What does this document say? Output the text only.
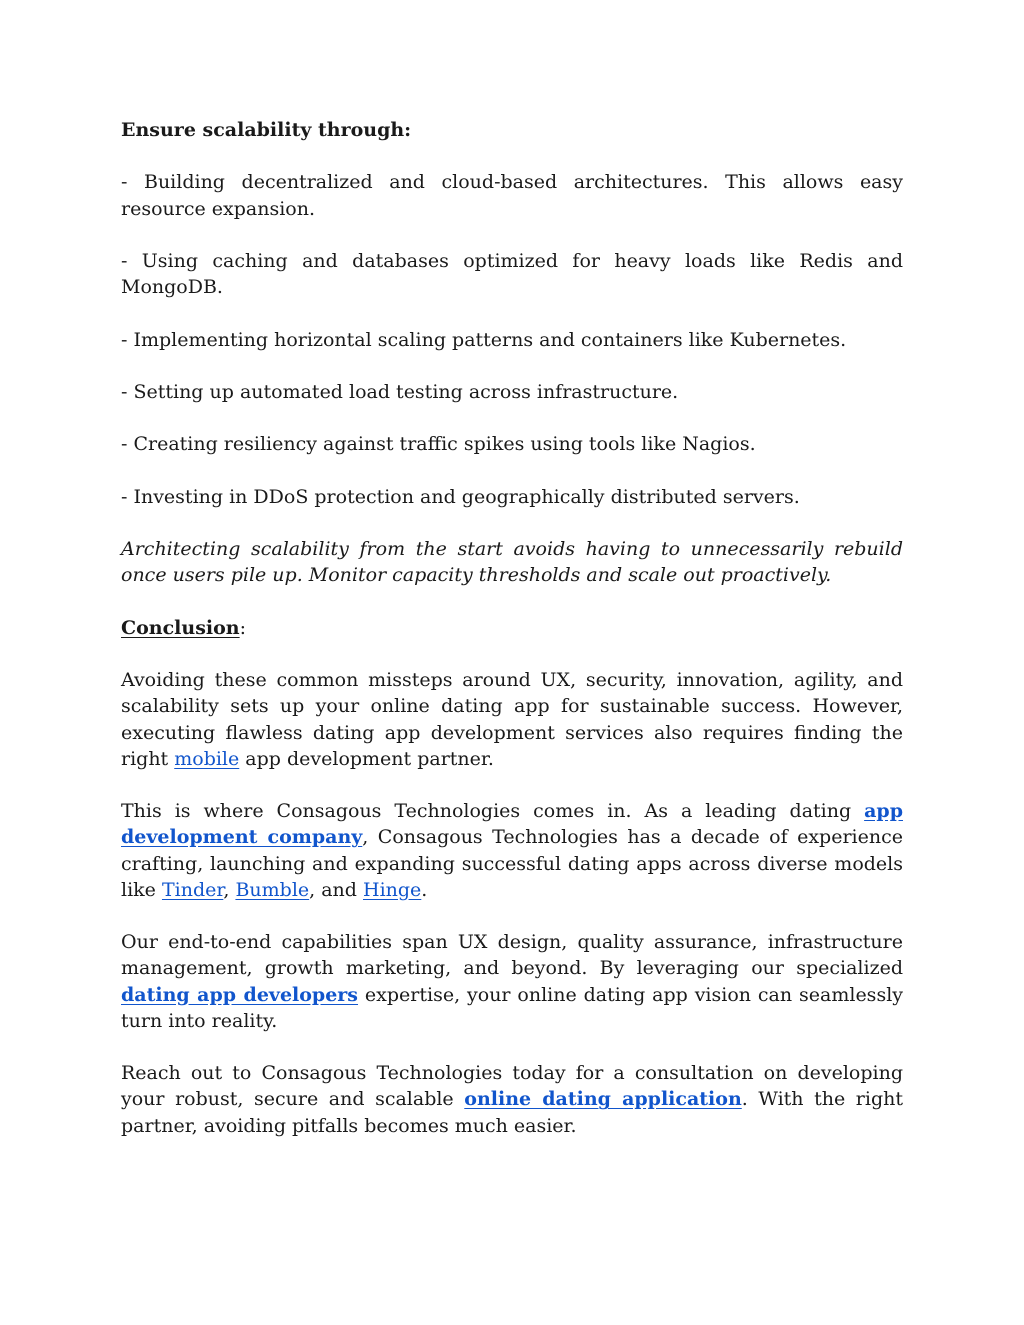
Ensure scalability through:

- Building decentralized and cloud-based architectures. This allows easy resource expansion.

- Using caching and databases optimized for heavy loads like Redis and MongoDB.

- Implementing horizontal scaling patterns and containers like Kubernetes.

- Setting up automated load testing across infrastructure.

- Creating resiliency against traffic spikes using tools like Nagios.

- Investing in DDoS protection and geographically distributed servers.

Architecting scalability from the start avoids having to unnecessarily rebuild once users pile up. Monitor capacity thresholds and scale out proactively.

Conclusion:

Avoiding these common missteps around UX, security, innovation, agility, and scalability sets up your online dating app for sustainable success. However, executing flawless dating app development services also requires finding the right mobile app development partner.

This is where Consagous Technologies comes in. As a leading dating app development company, Consagous Technologies has a decade of experience crafting, launching and expanding successful dating apps across diverse models like Tinder, Bumble, and Hinge.

Our end-to-end capabilities span UX design, quality assurance, infrastructure management, growth marketing, and beyond. By leveraging our specialized dating app developers expertise, your online dating app vision can seamlessly turn into reality.

Reach out to Consagous Technologies today for a consultation on developing your robust, secure and scalable online dating application. With the right partner, avoiding pitfalls becomes much easier.
